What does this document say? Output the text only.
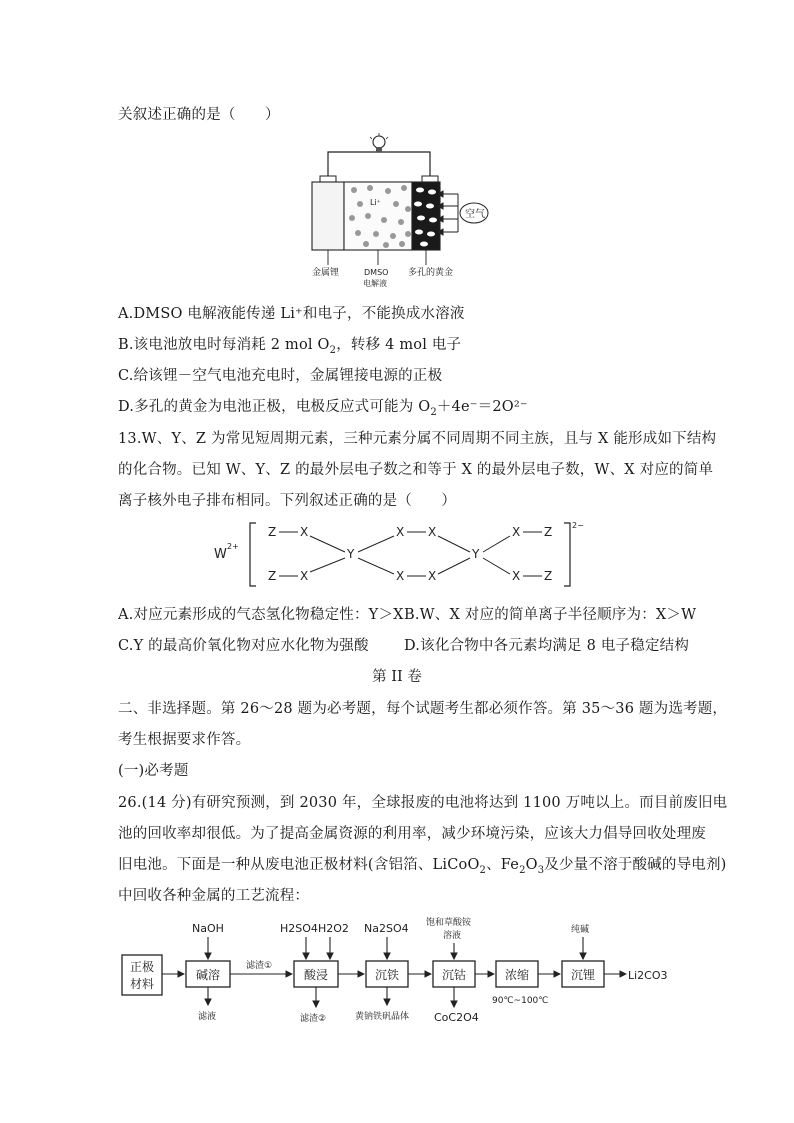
关叙述正确的是（　　）
Li⁺
空气
金属锂	DMSO
电解液
多孔的黄金
A.DMSO 电解液能传递 Li⁺和电子，不能换成水溶液
B.该电池放电时每消耗 2 mol $O_2$，转移 4 mol 电子
C.给该锂－空气电池充电时，金属锂接电源的正极
D.多孔的黄金为电池正极，电极反应式可能为 $O_2+4e^-=2O^{2-}$
13.W、Y、Z 为常见短周期元素，三种元素分属不同周期不同主族，且与 X 能形成如下结构
的化合物。已知 W、Y、Z 的最外层电子数之和等于 X 的最外层电子数，W、X 对应的简单
离子核外电子排布相同。下列叙述正确的是（　　）
W
2+
2−
Z X
Z X
Y
X X
X X
Y
X Z
X Z
A.对应元素形成的气态氢化物稳定性：Y＞X B.W、X 对应的简单离子半径顺序为：X＞W
C.Y 的最高价氧化物对应水化物为强酸 D.该化合物中各元素均满足 8 电子稳定结构
第 II 卷
二、非选择题。第 26～28 题为必考题，每个试题考生都必须作答。第 35～36 题为选考题，
考生根据要求作答。
(一)必考题
26.(14 分)有研究预测，到 2030 年，全球报废的电池将达到 1100 万吨以上。而目前废旧电
池的回收率却很低。为了提高金属资源的利用率，减少环境污染，应该大力倡导回收处理废
旧电池。下面是一种从废电池正极材料(含铝箔、LiCoO$_2$、$Fe_2O_3$及少量不溶于酸碱的导电剂)
中回收各种金属的工艺流程：
正极
材料
碱溶	酸浸	沉铁	沉钴	浓缩	沉锂	Li2CO3
NaOH	H2SO4 H2O2 Na2SO4 饱和草酸铵
溶液
纯碱
滤渣①
滤液	滤渣②	黄钠铁矾晶体 CoC2O4
90℃~100℃
